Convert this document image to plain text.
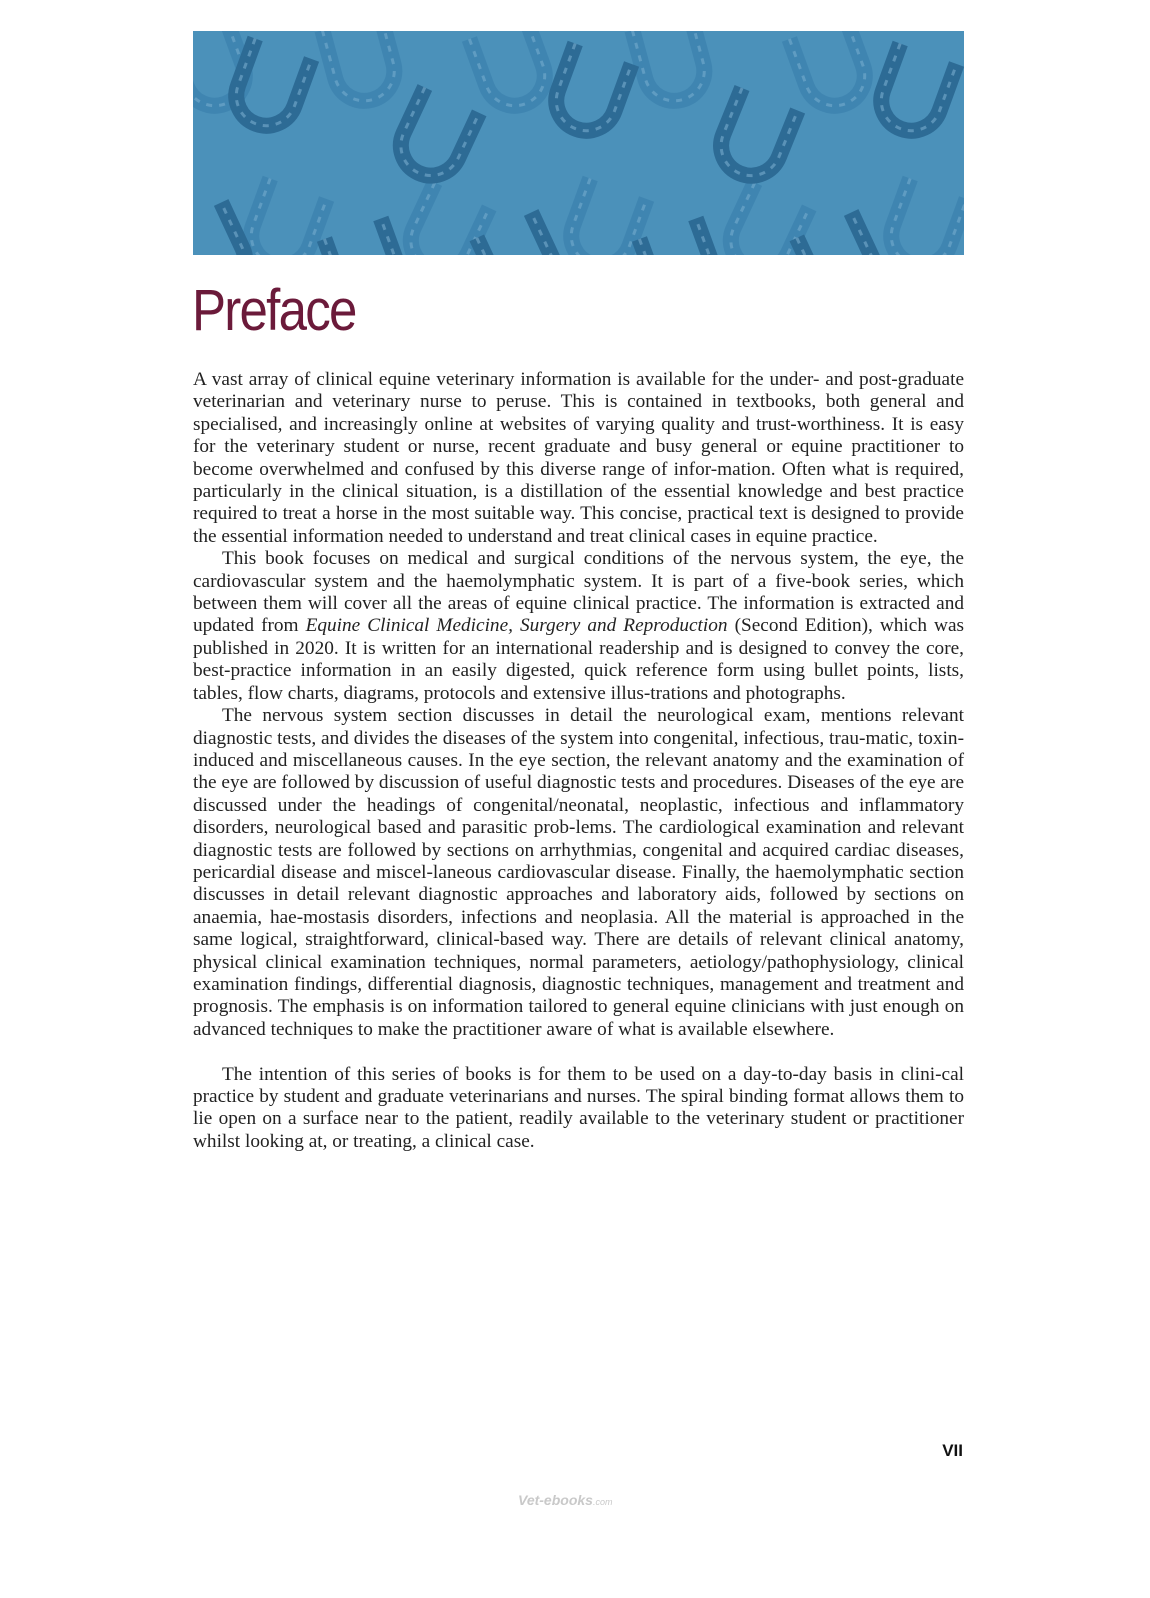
Preface

A vast array of clinical equine veterinary information is available for the under- and post-graduate veterinarian and veterinary nurse to peruse. This is contained in textbooks, both general and specialised, and increasingly online at websites of varying quality and trust-worthiness. It is easy for the veterinary student or nurse, recent graduate and busy general or equine practitioner to become overwhelmed and confused by this diverse range of infor-mation. Often what is required, particularly in the clinical situation, is a distillation of the essential knowledge and best practice required to treat a horse in the most suitable way. This concise, practical text is designed to provide the essential information needed to understand and treat clinical cases in equine practice.

This book focuses on medical and surgical conditions of the nervous system, the eye, the cardiovascular system and the haemolymphatic system. It is part of a five-book series, which between them will cover all the areas of equine clinical practice. The information is extracted and updated from Equine Clinical Medicine, Surgery and Reproduction (Second Edition), which was published in 2020. It is written for an international readership and is designed to convey the core, best-practice information in an easily digested, quick reference form using bullet points, lists, tables, flow charts, diagrams, protocols and extensive illus-trations and photographs.

The nervous system section discusses in detail the neurological exam, mentions relevant diagnostic tests, and divides the diseases of the system into congenital, infectious, trau-matic, toxin-induced and miscellaneous causes. In the eye section, the relevant anatomy and the examination of the eye are followed by discussion of useful diagnostic tests and procedures. Diseases of the eye are discussed under the headings of congenital/neonatal, neoplastic, infectious and inflammatory disorders, neurological based and parasitic prob-lems. The cardiological examination and relevant diagnostic tests are followed by sections on arrhythmias, congenital and acquired cardiac diseases, pericardial disease and miscel-laneous cardiovascular disease. Finally, the haemolymphatic section discusses in detail relevant diagnostic approaches and laboratory aids, followed by sections on anaemia, hae-mostasis disorders, infections and neoplasia. All the material is approached in the same logical, straightforward, clinical-based way. There are details of relevant clinical anatomy, physical clinical examination techniques, normal parameters, aetiology/pathophysiology, clinical examination findings, differential diagnosis, diagnostic techniques, management and treatment and prognosis. The emphasis is on information tailored to general equine clinicians with just enough on advanced techniques to make the practitioner aware of what is available elsewhere.

The intention of this series of books is for them to be used on a day-to-day basis in clini-cal practice by student and graduate veterinarians and nurses. The spiral binding format allows them to lie open on a surface near to the patient, readily available to the veterinary student or practitioner whilst looking at, or treating, a clinical case.

VII
Vet-ebooks.com
